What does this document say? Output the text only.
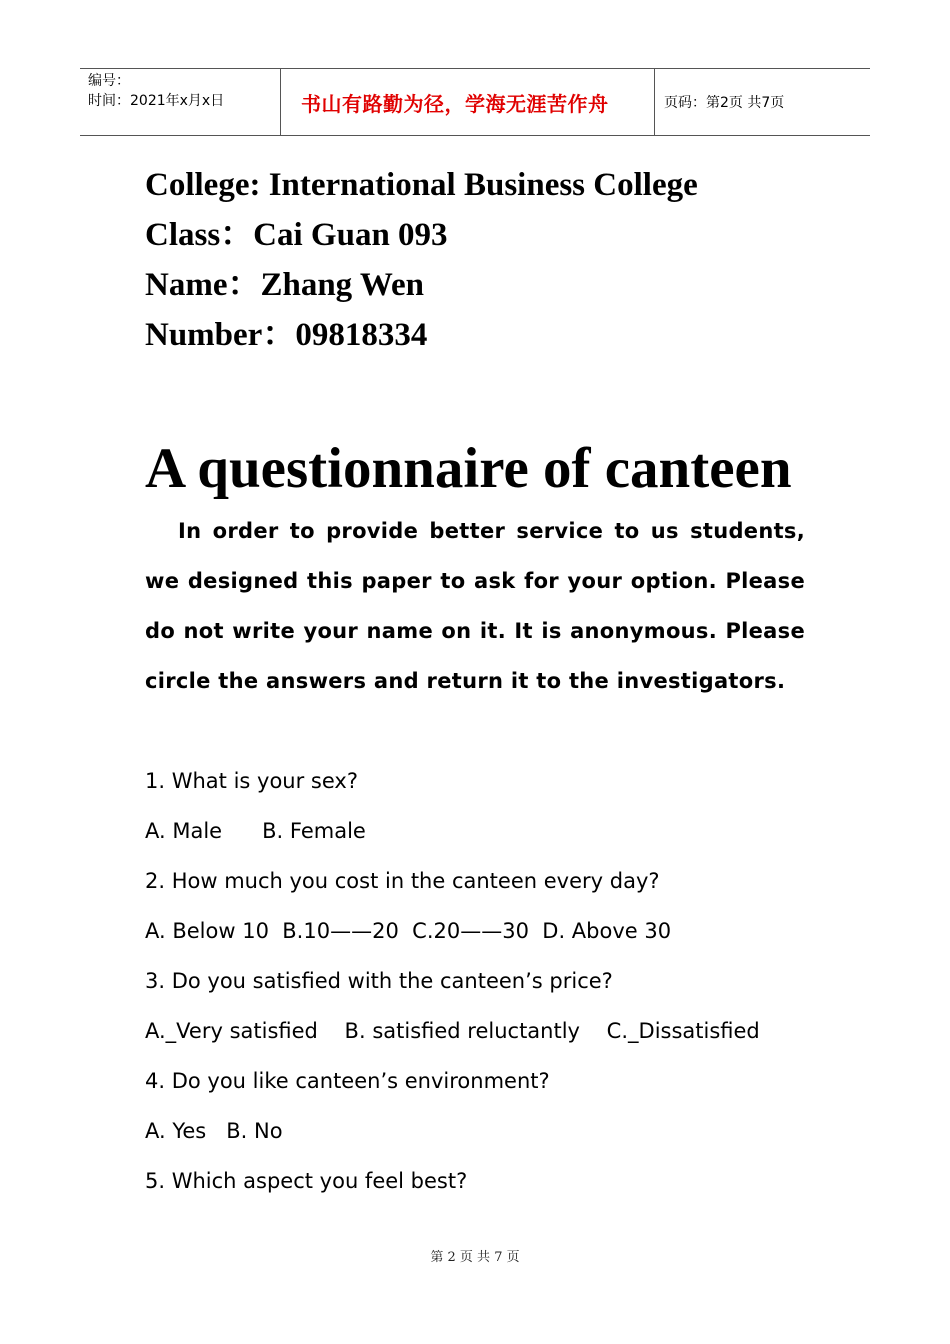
编号：
时间：2021年x月x日	书山有路勤为径，学海无涯苦作舟	页码：第2页 共7页
College: International Business College
Class：Cai Guan 093
Name：Zhang Wen
Number：09818334
A questionnaire of canteen
In order to provide better service to us students, we designed this paper to ask for your option. Please do not write your name on it. It is anonymous. Please circle the answers and return it to the investigators.
1. What is your sex?
A. Male      B. Female
2. How much you cost in the canteen every day?
A. Below 10  B.10——20  C.20——30  D. Above 30
3. Do you satisfied with the canteen’s price?
A._Very satisfied    B. satisfied reluctantly    C._Dissatisfied
4. Do you like canteen’s environment?
A. Yes   B. No
5. Which aspect you feel best?
第 2 页 共 7 页
